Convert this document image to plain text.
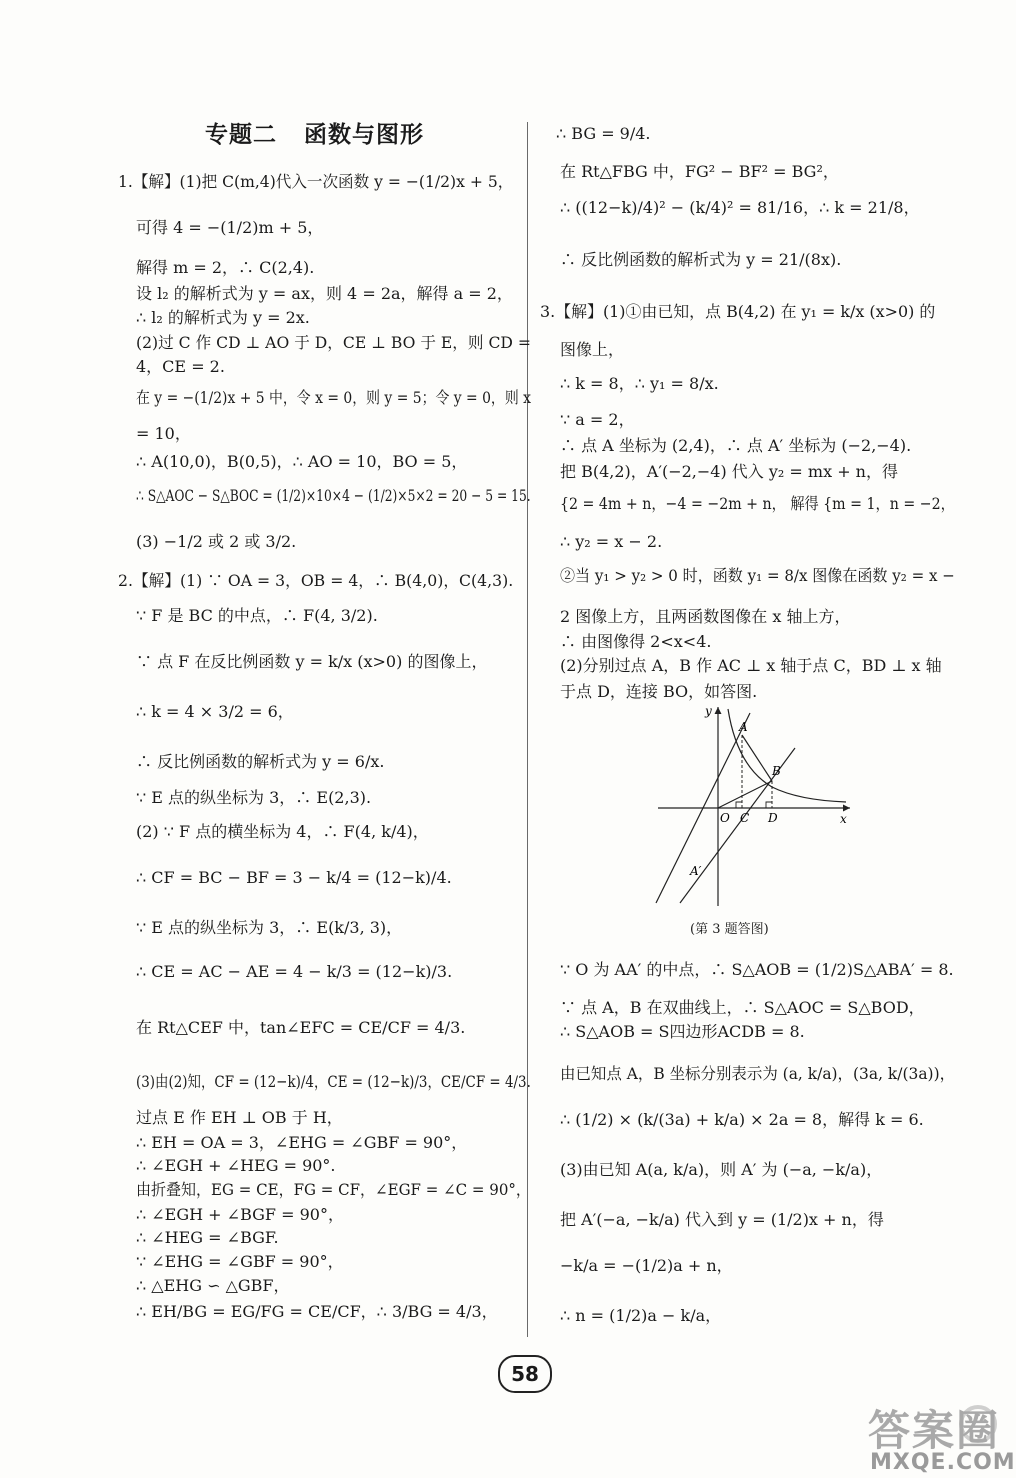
专题二   函数与图形
1.【解】(1)把 C(m,4)代入一次函数 y = −(1/2)x + 5，
可得 4 = −(1/2)m + 5，
解得 m = 2，∴ C(2,4).
设 l₂ 的解析式为 y = ax，则 4 = 2a，解得 a = 2，
∴ l₂ 的解析式为 y = 2x.
(2)过 C 作 CD ⊥ AO 于 D，CE ⊥ BO 于 E，则 CD =
4，CE = 2.
在 y = −(1/2)x + 5 中，令 x = 0，则 y = 5；令 y = 0，则 x
= 10，
∴ A(10,0)，B(0,5)，∴ AO = 10，BO = 5，
∴ S△AOC − S△BOC = (1/2)×10×4 − (1/2)×5×2 = 20 − 5 = 15.
(3) −1/2 或 2 或 3/2.
2.【解】(1) ∵ OA = 3，OB = 4，∴ B(4,0)，C(4,3).
∵ F 是 BC 的中点，∴ F(4, 3/2).
∵ 点 F 在反比例函数 y = k/x (x>0) 的图像上，
∴ k = 4 × 3/2 = 6，
∴ 反比例函数的解析式为 y = 6/x.
∵ E 点的纵坐标为 3，∴ E(2,3).
(2) ∵ F 点的横坐标为 4，∴ F(4, k/4)，
∴ CF = BC − BF = 3 − k/4 = (12−k)/4.
∵ E 点的纵坐标为 3，∴ E(k/3, 3)，
∴ CE = AC − AE = 4 − k/3 = (12−k)/3.
在 Rt△CEF 中，tan∠EFC = CE/CF = 4/3.
(3)由(2)知，CF = (12−k)/4，CE = (12−k)/3，CE/CF = 4/3.
过点 E 作 EH ⊥ OB 于 H，
∴ EH = OA = 3，∠EHG = ∠GBF = 90°，
∴ ∠EGH + ∠HEG = 90°.
由折叠知，EG = CE，FG = CF，∠EGF = ∠C = 90°，
∴ ∠EGH + ∠BGF = 90°，
∴ ∠HEG = ∠BGF.
∵ ∠EHG = ∠GBF = 90°，
∴ △EHG ∽ △GBF，
∴ EH/BG = EG/FG = CE/CF，∴ 3/BG = 4/3，
∴ BG = 9/4.
在 Rt△FBG 中，FG² − BF² = BG²，
∴ ((12−k)/4)² − (k/4)² = 81/16，∴ k = 21/8，
∴ 反比例函数的解析式为 y = 21/(8x).
3.【解】(1)①由已知，点 B(4,2) 在 y₁ = k/x (x>0) 的
图像上，
∴ k = 8，∴ y₁ = 8/x.
∵ a = 2，
∴ 点 A 坐标为 (2,4)，∴ 点 A′ 坐标为 (−2,−4).
把 B(4,2)，A′(−2,−4) 代入 y₂ = mx + n，得
{2 = 4m + n，−4 = −2m + n， 解得 {m = 1，n = −2，
∴ y₂ = x − 2.
②当 y₁ > y₂ > 0 时，函数 y₁ = 8/x 图像在函数 y₂ = x −
2 图像上方，且两函数图像在 x 轴上方，
∴ 由图像得 2<x<4.
(2)分别过点 A，B 作 AC ⊥ x 轴于点 C，BD ⊥ x 轴
于点 D，连接 BO，如答图.
∵ O 为 AA′ 的中点，∴ S△AOB = (1/2)S△ABA′ = 8.
∵ 点 A，B 在双曲线上，∴ S△AOC = S△BOD，
∴ S△AOB = S四边形ACDB = 8.
由已知点 A，B 坐标分别表示为 (a, k/a)，(3a, k/(3a))，
∴ (1/2) × (k/(3a) + k/a) × 2a = 8，解得 k = 6.
(3)由已知 A(a, k/a)，则 A′ 为 (−a, −k/a)，
把 A′(−a, −k/a) 代入到 y = (1/2)x + n，得
−k/a = −(1/2)a + n，
∴ n = (1/2)a − k/a，
y
x
O C D
A
B
A′
(第 3 题答图)
58
答案圈
MXQE.COM
